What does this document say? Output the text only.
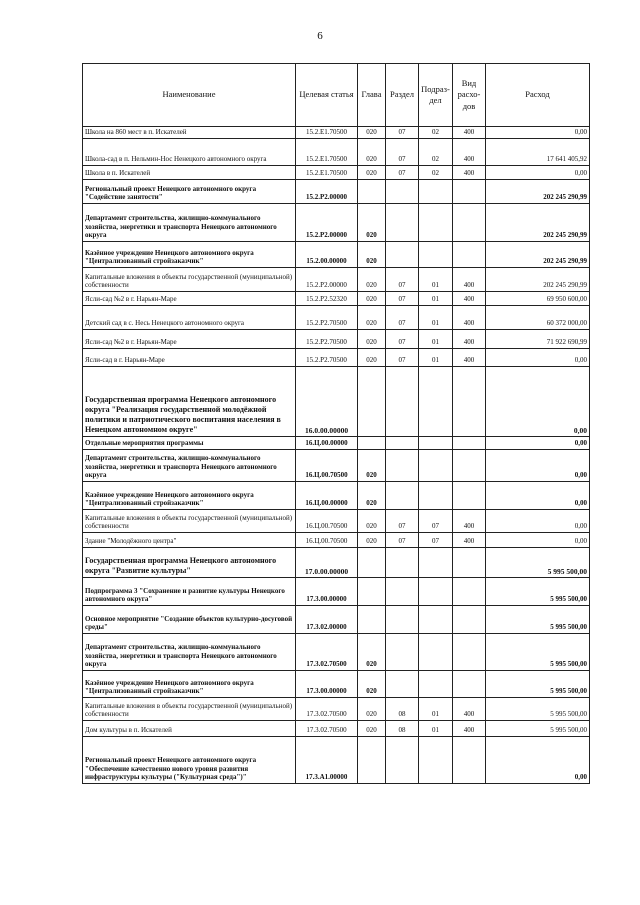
6
Наименование	Целевая статья	Глава	Раздел	Подраз-дел	Вид расхо-дов	Расход
Школа на 860 мест в п. Искателей	15.2.E1.70500	020	07	02	400	0,00
Школа-сад в п. Нельмин-Нос Ненецкого автономного округа	15.2.E1.70500	020	07	02	400	17 641 405,92
Школа в п. Искателей	15.2.E1.70500	020	07	02	400	0,00
Региональный проект Ненецкого автономного округа "Содействие занятости"	15.2.P2.00000					202 245 290,99
Департамент строительства, жилищно-коммунального хозяйства, энергетики и транспорта Ненецкого автономного округа	15.2.P2.00000	020				202 245 290,99
Казённое учреждение Ненецкого автономного округа "Централизованный стройзаказчик"	15.2.00.00000	020				202 245 290,99
Капитальные вложения в объекты государственной (муниципальной) собственности	15.2.P2.00000	020	07	01	400	202 245 290,99
Ясли-сад №2 в г. Нарьян-Маре	15.2.P2.52320	020	07	01	400	69 950 600,00
Детский сад в с. Несь Ненецкого автономного округа	15.2.P2.70500	020	07	01	400	60 372 000,00
Ясли-сад №2 в г. Нарьян-Маре	15.2.P2.70500	020	07	01	400	71 922 690,99
Ясли-сад в г. Нарьян-Маре	15.2.P2.70500	020	07	01	400	0,00
Государственная программа Ненецкого автономного округа "Реализация государственной молодёжной политики и патриотического воспитания населения в Ненецком автономном округе"	16.0.00.00000					0,00
Отдельные мероприятия программы	16.Ц.00.00000					0,00
Департамент строительства, жилищно-коммунального хозяйства, энергетики и транспорта Ненецкого автономного округа	16.Ц.00.70500	020				0,00
Казённое учреждение Ненецкого автономного округа "Централизованный стройзаказчик"	16.Ц.00.00000	020				0,00
Капитальные вложения в объекты государственной (муниципальной) собственности	16.Ц.00.70500	020	07	07	400	0,00
Здание "Молодёжного центра"	16.Ц.00.70500	020	07	07	400	0,00
Государственная программа Ненецкого автономного округа "Развитие культуры"	17.0.00.00000					5 995 500,00
Подпрограмма 3 "Сохранение и развитие культуры Ненецкого автономного округа"	17.3.00.00000					5 995 500,00
Основное мероприятие "Создание объектов культурно-досуговой среды"	17.3.02.00000					5 995 500,00
Департамент строительства, жилищно-коммунального хозяйства, энергетики и транспорта Ненецкого автономного округа	17.3.02.70500	020				5 995 500,00
Казённое учреждение Ненецкого автономного округа "Централизованный стройзаказчик"	17.3.00.00000	020				5 995 500,00
Капитальные вложения в объекты государственной (муниципальной) собственности	17.3.02.70500	020	08	01	400	5 995 500,00
Дом культуры в п. Искателей	17.3.02.70500	020	08	01	400	5 995 500,00
Региональный проект Ненецкого автономного округа "Обеспечение качественно нового уровня развития инфраструктуры культуры ("Культурная среда")"	17.3.A1.00000					0,00
